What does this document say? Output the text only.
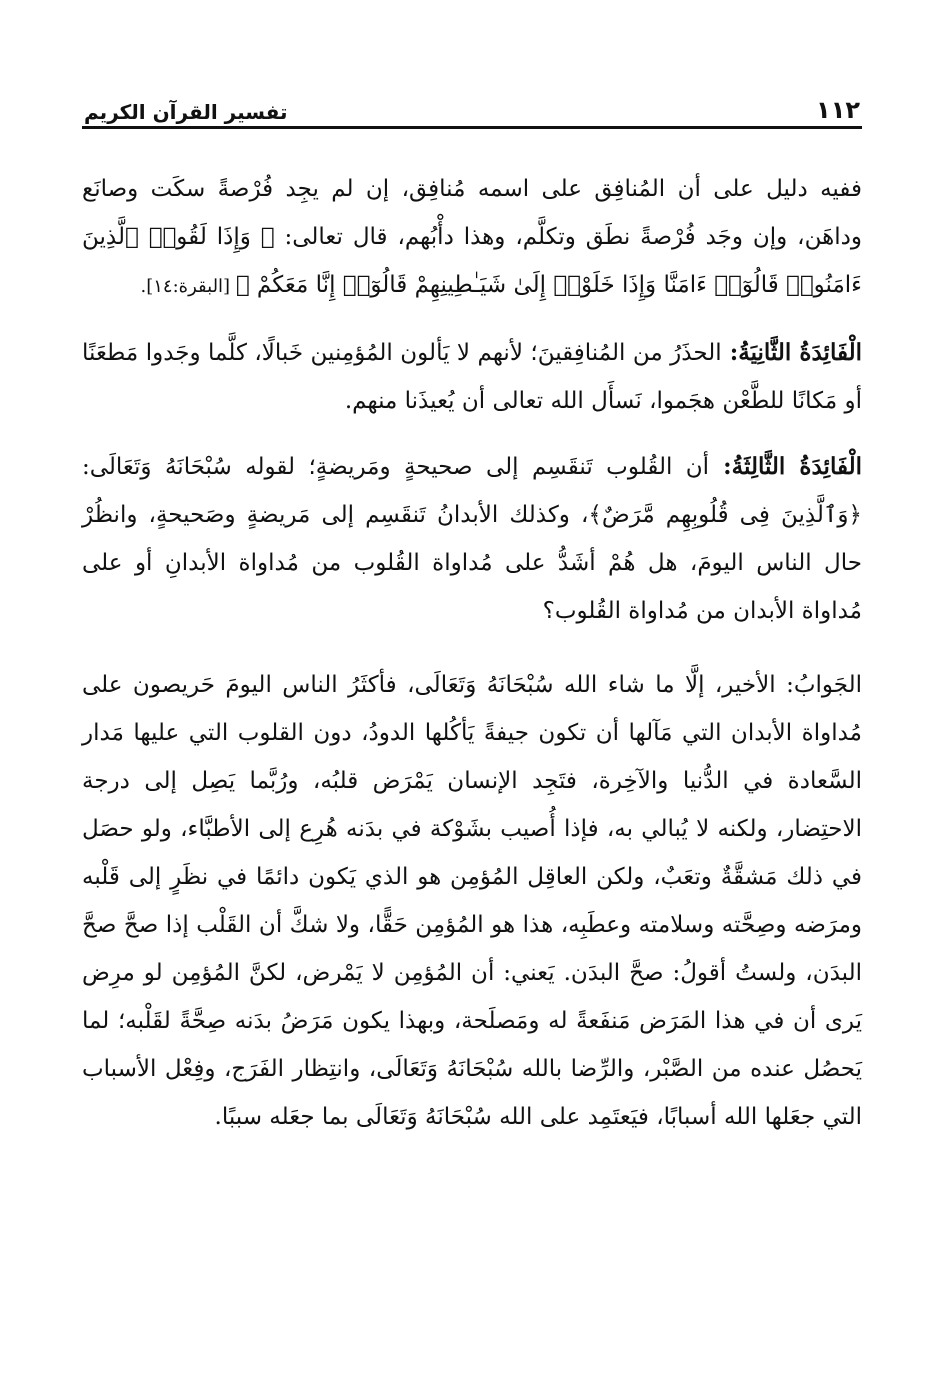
١١٢
تفسير القرآن الكريم

ففيه دليل على أن المُنافِق على اسمه مُنافِق، إن لم يجِد فُرْصةً سكَت وصانَع وداهَن، وإن وجَد فُرْصةً نطَق وتكلَّم، وهذا دأْبُهم، قال تعالى: ﴿ وَإِذَا لَقُوا۟ ٱلَّذِينَ ءَامَنُوا۟ قَالُوٓا۟ ءَامَنَّا وَإِذَا خَلَوْا۟ إِلَىٰ شَيَـٰطِينِهِمْ قَالُوٓا۟ إِنَّا مَعَكُمْ ﴾ [البقرة:١٤].

الْفَائِدَةُ الثَّانِيَةُ: الحذَرُ من المُنافِقينَ؛ لأنهم لا يَألون المُؤمِنين خَبالًا، كلَّما وجَدوا مَطعَنًا أو مَكانًا للطَّعْن هجَموا، نَسأَل الله تعالى أن يُعيذَنا منهم.

الْفَائِدَةُ الثَّالِثَةُ: أن القُلوب تَنقَسِم إلى صحيحةٍ ومَريضةٍ؛ لقوله سُبْحَانَهُ وَتَعَالَى: ﴿وَٱلَّذِينَ فِى قُلُوبِهِم مَّرَضٌ﴾، وكذلك الأبدانُ تَنقَسِم إلى مَريضةٍ وصَحيحةٍ، وانظُرْ حال الناس اليومَ، هل هُمْ أشَدُّ على مُداواة القُلوب من مُداواة الأبدانِ أو على مُداواة الأبدان من مُداواة القُلوب؟

الجَوابُ: الأخير، إلَّا ما شاء الله سُبْحَانَهُ وَتَعَالَى، فأكثَرُ الناس اليومَ حَريصون على مُداواة الأبدان التي مَآلها أن تكون جيفةً يَأكُلها الدودُ، دون القلوب التي عليها مَدار السَّعادة في الدُّنيا والآخِرة، فتَجِد الإنسان يَمْرَض قلبُه، ورُبَّما يَصِل إلى درجة الاحتِضار، ولكنه لا يُبالي به، فإذا أُصيب بشَوْكة في بدَنه هُرِع إلى الأطبَّاء، ولو حصَل في ذلك مَشقَّةٌ وتعَبٌ، ولكن العاقِل المُؤمِن هو الذي يَكون دائمًا في نظَرٍ إلى قَلْبه ومرَضه وصِحَّته وسلامته وعطَبِه، هذا هو المُؤمِن حَقًّا، ولا شكَّ أن القَلْب إذا صحَّ صحَّ البدَن، ولستُ أقولُ: صحَّ البدَن. يَعني: أن المُؤمِن لا يَمْرض، لكنَّ المُؤمِن لو مرِض يَرى أن في هذا المَرَض مَنفَعةً له ومَصلَحة، وبهذا يكون مَرَضُ بدَنه صِحَّةً لقَلْبه؛ لما يَحصُل عنده من الصَّبْر، والرِّضا بالله سُبْحَانَهُ وَتَعَالَى، وانتِظار الفَرَج، وفِعْل الأسباب التي جعَلها الله أسبابًا، فيَعتَمِد على الله سُبْحَانَهُ وَتَعَالَى بما جعَله سببًا.
